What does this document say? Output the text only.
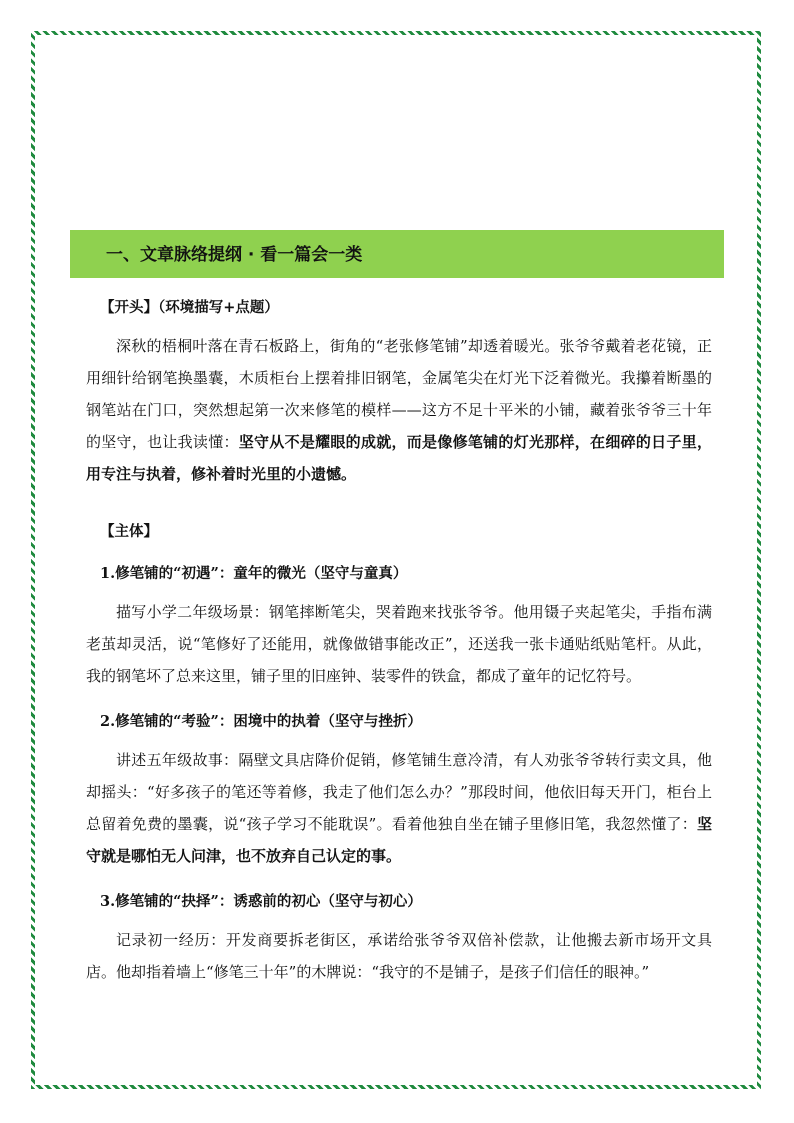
一、文章脉络提纲 · 看一篇会一类
【开头】（环境描写+点题）

深秋的梧桐叶落在青石板路上，街角的“老张修笔铺”却透着暖光。张爷爷戴着老花镜，正用细针给钢笔换墨囊，木质柜台上摆着排旧钢笔，金属笔尖在灯光下泛着微光。我攥着断墨的钢笔站在门口，突然想起第一次来修笔的模样——这方不足十平米的小铺，藏着张爷爷三十年的坚守，也让我读懂：坚守从不是耀眼的成就，而是像修笔铺的灯光那样，在细碎的日子里，用专注与执着，修补着时光里的小遗憾。

【主体】
1.修笔铺的“初遇”：童年的微光（坚守与童真）

描写小学二年级场景：钢笔摔断笔尖，哭着跑来找张爷爷。他用镊子夹起笔尖，手指布满老茧却灵活，说“笔修好了还能用，就像做错事能改正”，还送我一张卡通贴纸贴笔杆。从此，我的钢笔坏了总来这里，铺子里的旧座钟、装零件的铁盒，都成了童年的记忆符号。

2.修笔铺的“考验”：困境中的执着（坚守与挫折）

讲述五年级故事：隔壁文具店降价促销，修笔铺生意冷清，有人劝张爷爷转行卖文具，他却摇头：“好多孩子的笔还等着修，我走了他们怎么办？”那段时间，他依旧每天开门，柜台上总留着免费的墨囊，说“孩子学习不能耽误”。看着他独自坐在铺子里修旧笔，我忽然懂了：坚守就是哪怕无人问津，也不放弃自己认定的事。

3.修笔铺的“抉择”：诱惑前的初心（坚守与初心）

记录初一经历：开发商要拆老街区，承诺给张爷爷双倍补偿款，让他搬去新市场开文具店。他却指着墙上“修笔三十年”的木牌说：“我守的不是铺子，是孩子们信任的眼神。”
